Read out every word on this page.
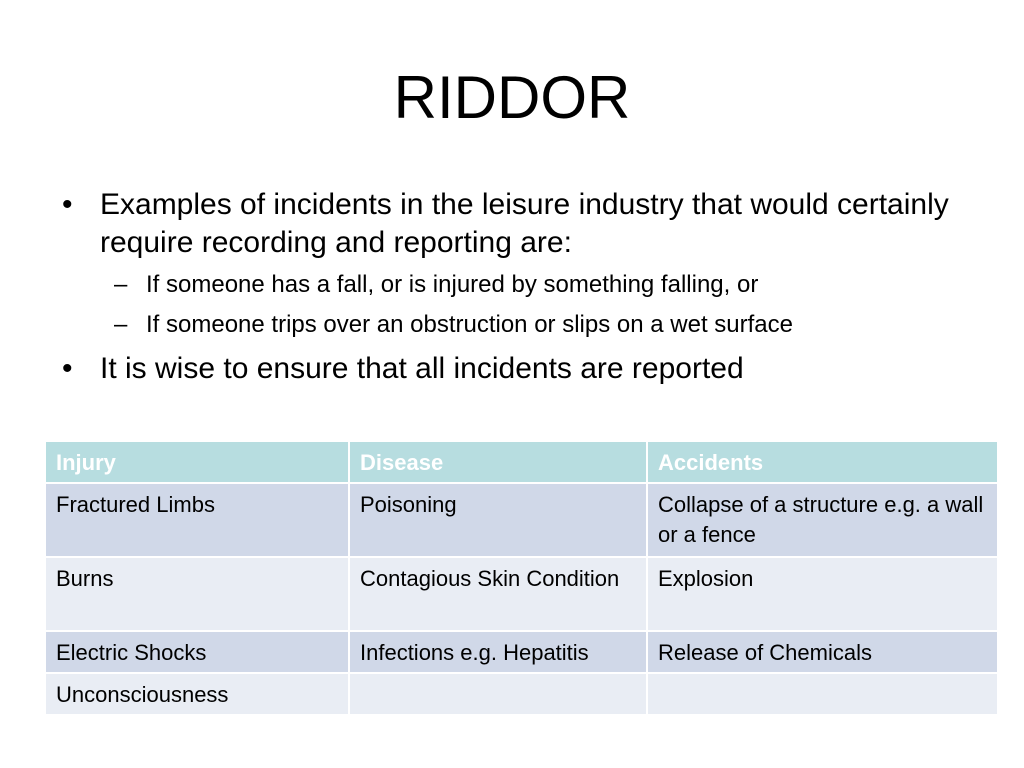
RIDDOR
• Examples of incidents in the leisure industry that would certainly require recording and reporting are:
– If someone has a fall, or is injured by something falling, or
– If someone trips over an obstruction or slips on a wet surface
• It is wise to ensure that all incidents are reported
Injury	Disease	Accidents
Fractured Limbs	Poisoning	Collapse of a structure e.g. a wall or a fence
Burns	Contagious Skin Condition	Explosion
Electric Shocks	Infections e.g. Hepatitis	Release of Chemicals
Unconsciousness		
